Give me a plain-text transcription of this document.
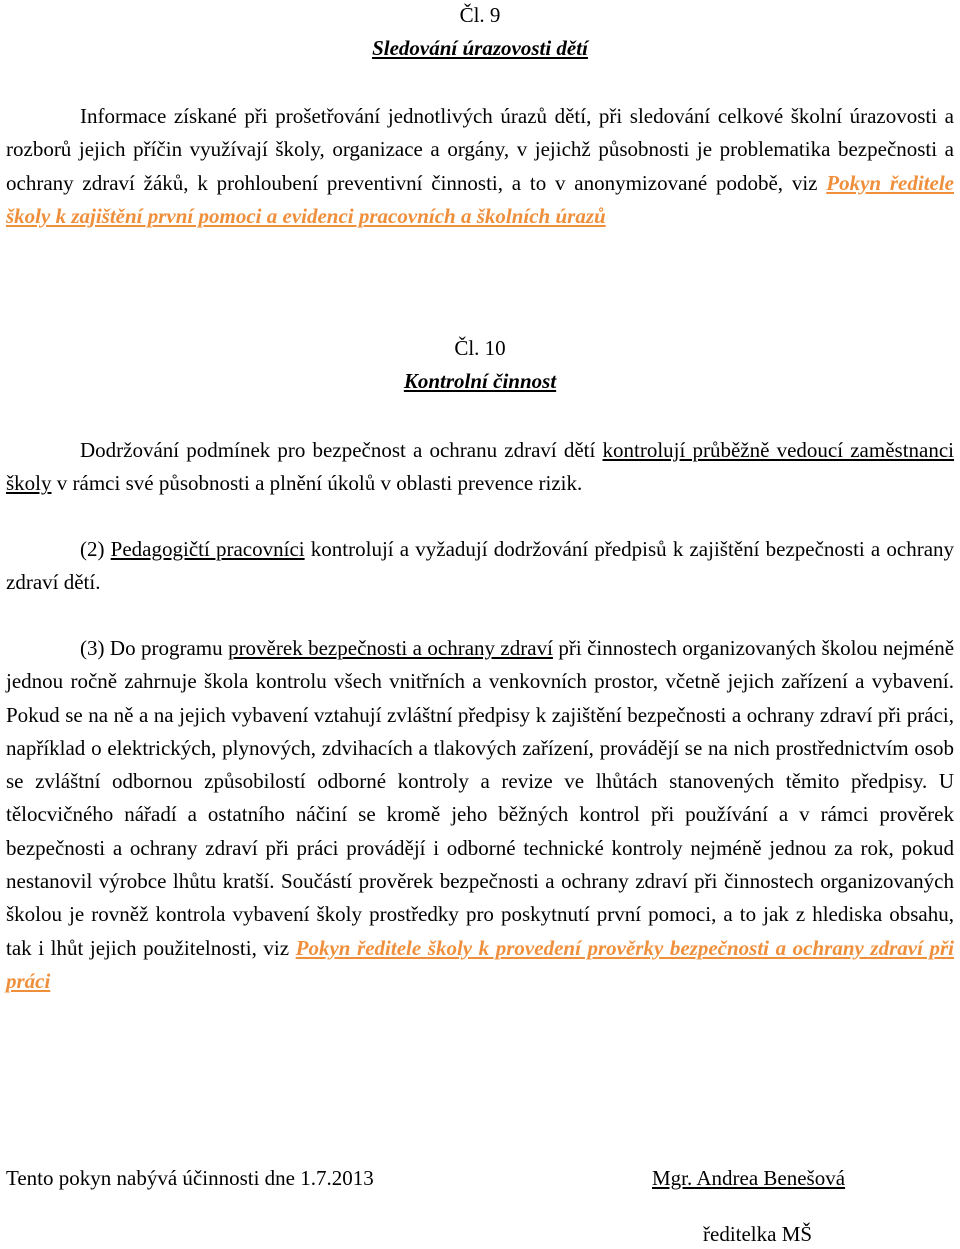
Čl. 9
Sledování úrazovosti dětí

Informace získané při prošetřování jednotlivých úrazů dětí, při sledování celkové školní úrazovosti a rozborů jejich příčin využívají školy, organizace a orgány, v jejichž působnosti je problematika bezpečnosti a ochrany zdraví žáků, k prohloubení preventivní činnosti, a to v anonymizované podobě, viz Pokyn ředitele školy k zajištění první pomoci a evidenci pracovních a školních úrazů

Čl. 10
Kontrolní činnost

Dodržování podmínek pro bezpečnost a ochranu zdraví dětí kontrolují průběžně vedoucí zaměstnanci školy v rámci své působnosti a plnění úkolů v oblasti prevence rizik.

(2) Pedagogičtí pracovníci kontrolují a vyžadují dodržování předpisů k zajištění bezpečnosti a ochrany zdraví dětí.

(3) Do programu prověrek bezpečnosti a ochrany zdraví při činnostech organizovaných školou nejméně jednou ročně zahrnuje škola kontrolu všech vnitřních a venkovních prostor, včetně jejich zařízení a vybavení. Pokud se na ně a na jejich vybavení vztahují zvláštní předpisy k zajištění bezpečnosti a ochrany zdraví při práci, například o elektrických, plynových, zdvihacích a tlakových zařízení, provádějí se na nich prostřednictvím osob se zvláštní odbornou způsobilostí odborné kontroly a revize ve lhůtách stanovených těmito předpisy. U tělocvičného nářadí a ostatního náčiní se kromě jeho běžných kontrol při používání a v rámci prověrek bezpečnosti a ochrany zdraví při práci provádějí i odborné technické kontroly nejméně jednou za rok, pokud nestanovil výrobce lhůtu kratší. Součástí prověrek bezpečnosti a ochrany zdraví při činnostech organizovaných školou je rovněž kontrola vybavení školy prostředky pro poskytnutí první pomoci, a to jak z hlediska obsahu, tak i lhůt jejich použitelnosti, viz Pokyn ředitele školy k provedení prověrky bezpečnosti a ochrany zdraví při práci

Tento pokyn nabývá účinnosti dne 1.7.2013	Mgr. Andrea Benešová
ředitelka MŠ
